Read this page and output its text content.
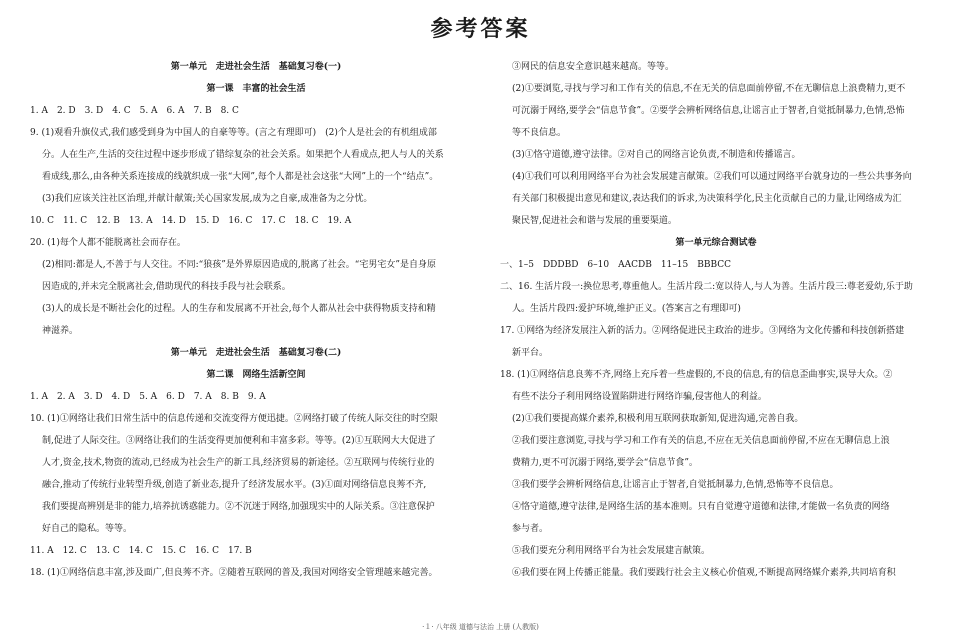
参考答案
第一单元　走进社会生活　基础复习卷(一)
第一课　丰富的社会生活
1. A　2. D　3. D　4. C　5. A　6. A　7. B　8. C
9. (1)观看升旗仪式,我们感受到身为中国人的自豪等等。(言之有理即可)　(2)个人是社会的有机组成部
分。人在生产,生活的交往过程中逐步形成了错综复杂的社会关系。如果把个人看成点,把人与人的关系
看成线,那么,由各种关系连接成的线就织成一张“大网”,每个人都是社会这张“大网”上的一个“结点”。
(3)我们应该关注社区治理,并献计献策;关心国家发展,成为之自豪,成准备为之分忧。
10. C　11. C　12. B　13. A　14. D　15. D　16. C　17. C　18. C　19. A
20. (1)每个人都不能脱离社会而存在。
(2)相同:都是人,不善于与人交往。不同:“狼孩”是外界原因造成的,脱离了社会。“宅男宅女”是自身原
因造成的,并未完全脱离社会,借助现代的科技手段与社会联系。
(3)人的成长是不断社会化的过程。人的生存和发展离不开社会,每个人都从社会中获得物质支持和精
神滋养。
第一单元　走进社会生活　基础复习卷(二)
第二课　网络生活新空间
1. A　2. A　3. D　4. D　5. A　6. D　7. A　8. B　9. A
10. (1)①网络让我们日常生活中的信息传递和交流变得方便迅捷。②网络打破了传统人际交往的时空限
制,促进了人际交往。③网络让我们的生活变得更加便利和丰富多彩。等等。(2)①互联网大大促进了
人才,资金,技术,物资的流动,已经成为社会生产的新工具,经济贸易的新途径。②互联网与传统行业的
融合,推动了传统行业转型升级,创造了新业态,提升了经济发展水平。(3)①面对网络信息良莠不齐,
我们要提高辨别是非的能力,培养抗诱惑能力。②不沉迷于网络,加强现实中的人际关系。③注意保护
好自己的隐私。等等。
11. A　12. C　13. C　14. C　15. C　16. C　17. B
18. (1)①网络信息丰富,涉及面广,但良莠不齐。②随着互联网的普及,我国对网络安全管理越来越完善。
③网民的信息安全意识越来越高。等等。
(2)①要浏览,寻找与学习和工作有关的信息,不在无关的信息面前停留,不在无聊信息上浪费精力,更不
可沉溺于网络,要学会“信息节食”。②要学会辨析网络信息,让谣言止于智者,自觉抵制暴力,色情,恐怖
等不良信息。
(3)①恪守道德,遵守法律。②对自己的网络言论负责,不制造和传播谣言。
(4)①我们可以利用网络平台为社会发展建言献策。②我们可以通过网络平台就身边的一些公共事务向
有关部门积极提出意见和建议,表达我们的诉求,为决策科学化,民主化贡献自己的力量,让网络成为汇
聚民智,促进社会和谐与发展的重要渠道。
第一单元综合测试卷
一、1–5　DDDBD　6–10　AACDB　11–15　BBBCC
二、16. 生活片段一:换位思考,尊重他人。生活片段二:宽以待人,与人为善。生活片段三:尊老爱幼,乐于助
人。生活片段四:爱护环境,维护正义。(答案言之有理即可)
17. ①网络为经济发展注入新的活力。②网络促进民主政治的进步。③网络为文化传播和科技创新搭建
新平台。
18. (1)①网络信息良莠不齐,网络上充斥着一些虚假的,不良的信息,有的信息歪曲事实,误导大众。②
有些不法分子利用网络设置陷阱进行网络诈骗,侵害他人的利益。
(2)①我们要提高媒介素养,积极利用互联网获取新知,促进沟通,完善自我。
②我们要注意浏览,寻找与学习和工作有关的信息,不应在无关信息面前停留,不应在无聊信息上浪
费精力,更不可沉溺于网络,要学会“信息节食”。
③我们要学会辨析网络信息,让谣言止于智者,自觉抵制暴力,色情,恐怖等不良信息。
④恪守道德,遵守法律,是网络生活的基本准则。只有自觉遵守道德和法律,才能做一名负责的网络
参与者。
⑤我们要充分利用网络平台为社会发展建言献策。
⑥我们要在网上传播正能量。我们要践行社会主义核心价值观,不断提高网络媒介素养,共同培育积
·１· 八年级 道德与法治 上册 (人教版)
